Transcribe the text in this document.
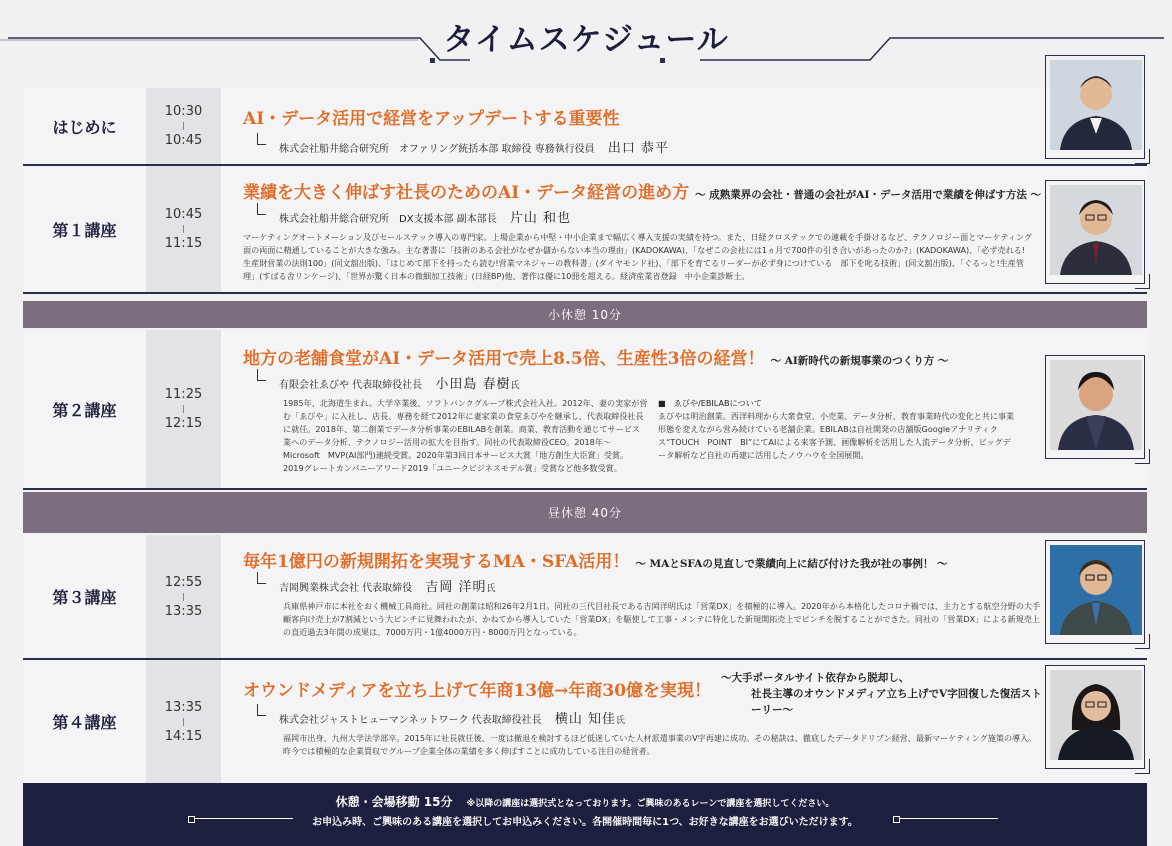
タイムスケジュール
はじめに
10:30
10:45
AI・データ活用で経営をアップデートする重要性
株式会社船井総合研究所　オファリング統括本部 取締役 専務執行役員 出口 恭平
第１講座
10:45
11:15
業績を大きく伸ばす社長のためのAI・データ経営の進め方 ～ 成熟業界の会社・普通の会社がAI・データ活用で業績を伸ばす方法 ～
株式会社船井総合研究所　DX支援本部 副本部長 片山 和也
マーケティングオートメーション及びセールステック導入の専門家。上場企業から中堅・中小企業まで幅広く導入支援の実績を持つ。また、日経クロステックでの連載を手掛けるなど、テクノロジー面とマーケティング面の両面に精通していることが大きな強み。主な著書に「技術のある会社がなぜか儲からない本当の理由」(KADOKAWA)、「なぜこの会社には1ヵ月で700件の引き合いがあったのか?」(KADOKAWA)、「必ず売れる!生産財営業の法則100」(同文舘出版)、「はじめて部下を持ったら読む!営業マネジャーの教科書」(ダイヤモンド社)、「部下を育てるリーダーが必ず身につけている　部下を叱る技術」(同文舘出版)、「ぐるっと!生産管理」(すばる舎リンケージ)、「世界が驚く日本の微細加工技術」(日経BP)他、著作は優に10冊を超える。経済産業省登録　中小企業診断士。
小休憩 10分
第２講座
11:25
12:15
地方の老舗食堂がAI・データ活用で売上8.5倍、生産性3倍の経営！ ～ AI新時代の新規事業のつくり方 ～
有限会社ゑびや 代表取締役社長 小田島 春樹氏
1985年、北海道生まれ。大学卒業後、ソフトバンクグループ株式会社入社。2012年、妻の実家が営む「ゑびや」に入社し、店長、専務を経て2012年に妻家業の食堂ゑびやを継承し、代表取締役社長に就任。2018年、第二創業でデータ分析事業のEBILABを創業。商業、教育活動を通じてサービス業へのデータ分析、テクノロジー活用の拡大を目指す。同社の代表取締役CEO。2018年～　Microsoft　MVP(AI部門)連続受賞。2020年第3回日本サービス大賞「地方創生大臣賞」受賞。2019グレートカンパニーアワード2019「ユニークビジネスモデル賞」受賞など他多数受賞。
■　ゑびや/EBILABについて
ゑびやは明治創業。西洋料理から大衆食堂、小売業、データ分析、教育事業時代の変化と共に事業形態を変えながら営み続けている老舗企業。EBILABは自社開発の店舗版Googleアナリティクス“TOUCH　POINT　BI”にてAIによる来客予測、画像解析を活用した人流データ分析、ビッグデータ解析など自社の再建に活用したノウハウを全国展開。
昼休憩 40分
第３講座
12:55
13:35
毎年1億円の新規開拓を実現するMA・SFA活用！ ～ MAとSFAの見直しで業績向上に結び付けた我が社の事例！ ～
吉岡興業株式会社 代表取締役 吉岡 洋明氏
兵庫県神戸市に本社をおく機械工具商社。同社の創業は昭和26年2月1日。同社の三代目社長である吉岡洋明氏は「営業DX」を積極的に導入。2020年から本格化したコロナ禍では、主力とする航空分野の大手顧客向け売上が7割減という大ピンチに見舞われたが、かねてから導入していた「営業DX」を駆使して工事・メンテに特化した新規開拓売上でピンチを脱することができた。同社の「営業DX」による新規売上の直近過去3年間の成果は、7000万円・1億4000万円・8000万円となっている。
第４講座
13:35
14:15
オウンドメディアを立ち上げて年商13億→年商30億を実現！
～大手ポータルサイト依存から脱却し、
社長主導のオウンドメディア立ち上げでV字回復した復活ストーリー～
株式会社ジャストヒューマンネットワーク 代表取締役社長 横山 知佳氏
福岡市出身、九州大学法学部卒。2015年に社長就任後、一度は撤退を検討するほど低迷していた人材派遣事業のV字再建に成功。その秘訣は、徹底したデータドリブン経営、最新マーケティング施策の導入。昨今では積極的な企業買収でグループ企業全体の業績を多く伸ばすことに成功している注目の経営者。
休憩・会場移動 15分 ※以降の講座は選択式となっております。ご興味のあるレーンで講座を選択してください。
お申込み時、ご興味のある講座を選択してお申込みください。各開催時間毎に1つ、お好きな講座をお選びいただけます。
